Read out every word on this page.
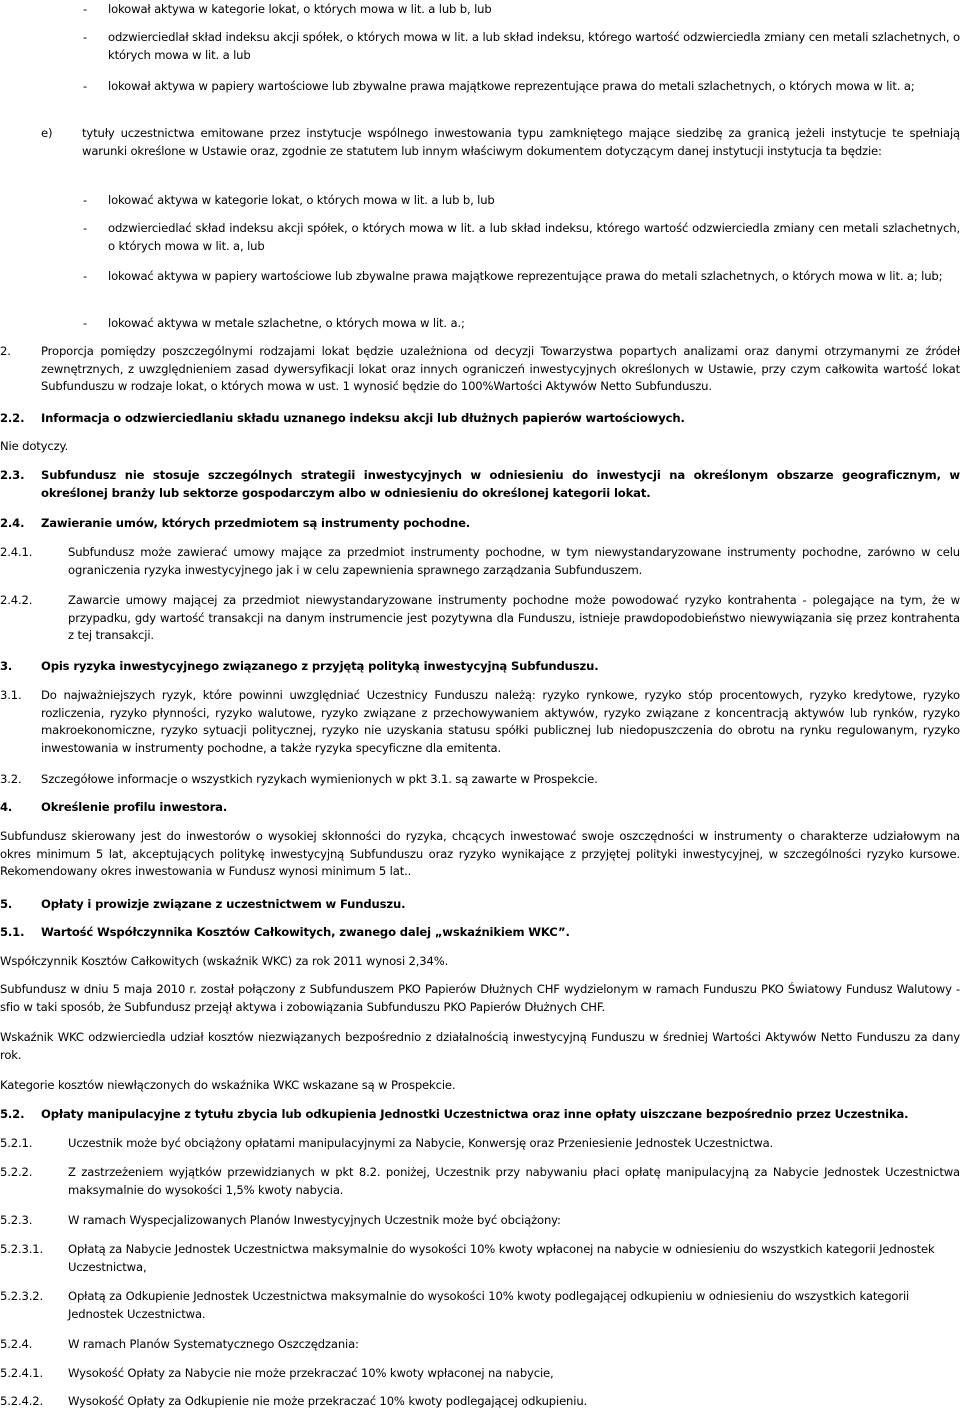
- lokował aktywa w kategorie lokat, o których mowa w lit. a lub b, lub
- odzwierciedlał skład indeksu akcji spółek, o których mowa w lit. a lub skład indeksu, którego wartość odzwierciedla zmiany cen metali szlachetnych, o których mowa w lit. a lub
- lokował aktywa w papiery wartościowe lub zbywalne prawa majątkowe reprezentujące prawa do metali szlachetnych, o których mowa w lit. a;
e)	tytuły uczestnictwa emitowane przez instytucje wspólnego inwestowania typu zamkniętego mające siedzibę za granicą jeżeli instytucje te spełniają warunki określone w Ustawie oraz, zgodnie ze statutem lub innym właściwym dokumentem dotyczącym danej instytucji instytucja ta będzie:
- lokować aktywa w kategorie lokat, o których mowa w lit. a lub b, lub
- odzwierciedlać skład indeksu akcji spółek, o których mowa w lit. a lub skład indeksu, którego wartość odzwierciedla zmiany cen metali szlachetnych, o których mowa w lit. a, lub
- lokować aktywa w papiery wartościowe lub zbywalne prawa majątkowe reprezentujące prawa do metali szlachetnych, o których mowa w lit. a; lub;
- lokować aktywa w metale szlachetne, o których mowa w lit. a.;
2.	Proporcja pomiędzy poszczególnymi rodzajami lokat będzie uzależniona od decyzji Towarzystwa popartych analizami oraz danymi otrzymanymi ze źródeł zewnętrznych, z uwzględnieniem zasad dywersyfikacji lokat oraz innych ograniczeń inwestycyjnych określonych w Ustawie, przy czym całkowita wartość lokat Subfunduszu w rodzaje lokat, o których mowa w ust. 1 wynosić będzie do 100%Wartości Aktywów Netto Subfunduszu.
2.2. Informacja o odzwierciedlaniu składu uznanego indeksu akcji lub dłużnych papierów wartościowych.
Nie dotyczy.
2.3. Subfundusz nie stosuje szczególnych strategii inwestycyjnych w odniesieniu do inwestycji na określonym obszarze geograficznym, w określonej branży lub sektorze gospodarczym albo w odniesieniu do określonej kategorii lokat.
2.4. Zawieranie umów, których przedmiotem są instrumenty pochodne.
2.4.1.	Subfundusz może zawierać umowy mające za przedmiot instrumenty pochodne, w tym niewystandaryzowane instrumenty pochodne, zarówno w celu ograniczenia ryzyka inwestycyjnego jak i w celu zapewnienia sprawnego zarządzania Subfunduszem.
2.4.2.	Zawarcie umowy mającej za przedmiot niewystandaryzowane instrumenty pochodne może powodować ryzyko kontrahenta - polegające na tym, że w przypadku, gdy wartość transakcji na danym instrumencie jest pozytywna dla Funduszu, istnieje prawdopodobieństwo niewywiązania się przez kontrahenta z tej transakcji.
3. Opis ryzyka inwestycyjnego związanego z przyjętą polityką inwestycyjną Subfunduszu.
3.1. Do najważniejszych ryzyk, które powinni uwzględniać Uczestnicy Funduszu należą: ryzyko rynkowe, ryzyko stóp procentowych, ryzyko kredytowe, ryzyko rozliczenia, ryzyko płynności, ryzyko walutowe, ryzyko związane z przechowywaniem aktywów, ryzyko związane z koncentracją aktywów lub rynków, ryzyko makroekonomiczne, ryzyko sytuacji politycznej, ryzyko nie uzyskania statusu spółki publicznej lub niedopuszczenia do obrotu na rynku regulowanym, ryzyko inwestowania w instrumenty pochodne, a także ryzyka specyficzne dla emitenta.
3.2. Szczegółowe informacje o wszystkich ryzykach wymienionych w pkt 3.1. są zawarte w Prospekcie.
4. Określenie profilu inwestora.
Subfundusz skierowany jest do inwestorów o wysokiej skłonności do ryzyka, chcących inwestować swoje oszczędności w instrumenty o charakterze udziałowym na okres minimum 5 lat, akceptujących politykę inwestycyjną Subfunduszu oraz ryzyko wynikające z przyjętej polityki inwestycyjnej, w szczególności ryzyko kursowe. Rekomendowany okres inwestowania w Fundusz wynosi minimum 5 lat..
5. Opłaty i prowizje związane z uczestnictwem w Funduszu.
5.1. Wartość Współczynnika Kosztów Całkowitych, zwanego dalej „wskaźnikiem WKC”.
Współczynnik Kosztów Całkowitych (wskaźnik WKC) za rok 2011 wynosi 2,34%.
Subfundusz w dniu 5 maja 2010 r. został połączony z Subfunduszem PKO Papierów Dłużnych CHF wydzielonym w ramach Funduszu PKO Światowy Fundusz Walutowy - sfio w taki sposób, że Subfundusz przejął aktywa i zobowiązania Subfunduszu PKO Papierów Dłużnych CHF.
Wskaźnik WKC odzwierciedla udział kosztów niezwiązanych bezpośrednio z działalnością inwestycyjną Funduszu w średniej Wartości Aktywów Netto Funduszu za dany rok.
Kategorie kosztów niewłączonych do wskaźnika WKC wskazane są w Prospekcie.
5.2. Opłaty manipulacyjne z tytułu zbycia lub odkupienia Jednostki Uczestnictwa oraz inne opłaty uiszczane bezpośrednio przez Uczestnika.
5.2.1.	Uczestnik może być obciążony opłatami manipulacyjnymi za Nabycie, Konwersję oraz Przeniesienie Jednostek Uczestnictwa.
5.2.2.	Z zastrzeżeniem wyjątków przewidzianych w pkt 8.2. poniżej, Uczestnik przy nabywaniu płaci opłatę manipulacyjną za Nabycie Jednostek Uczestnictwa maksymalnie do wysokości 1,5% kwoty nabycia.
5.2.3.	W ramach Wyspecjalizowanych Planów Inwestycyjnych Uczestnik może być obciążony:
5.2.3.1. Opłatą za Nabycie Jednostek Uczestnictwa maksymalnie do wysokości 10% kwoty wpłaconej na nabycie w odniesieniu do wszystkich kategorii Jednostek Uczestnictwa,
5.2.3.2. Opłatą za Odkupienie Jednostek Uczestnictwa maksymalnie do wysokości 10% kwoty podlegającej odkupieniu w odniesieniu do wszystkich kategorii Jednostek Uczestnictwa.
5.2.4.	W ramach Planów Systematycznego Oszczędzania:
5.2.4.1. Wysokość Opłaty za Nabycie nie może przekraczać 10% kwoty wpłaconej na nabycie,
5.2.4.2. Wysokość Opłaty za Odkupienie nie może przekraczać 10% kwoty podlegającej odkupieniu.
